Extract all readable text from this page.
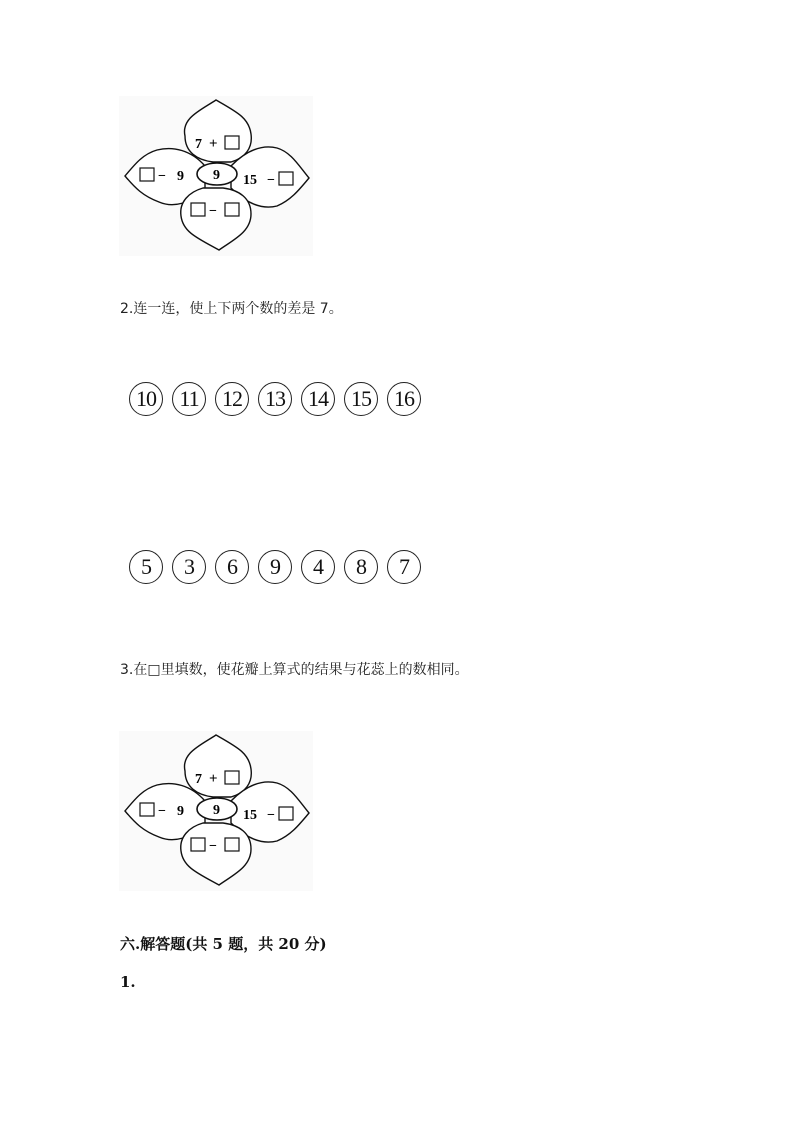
7 +
− 9 9 15 −
−
2.连一连，使上下两个数的差是 7。
10	11	12	13	14	15	16
5	3	6	9	4	8	7
3.在□里填数，使花瓣上算式的结果与花蕊上的数相同。
7 +
− 9 9 15 −
−
六.解答题(共 5 题，共 20 分)
1.
